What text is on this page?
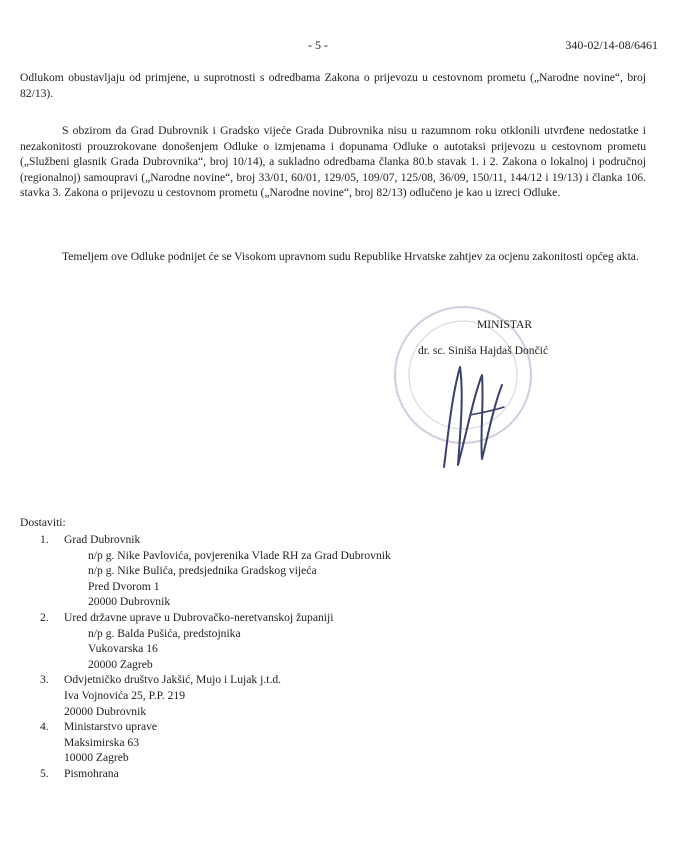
- 5 -	340-02/14-08/6461
Odlukom obustavljaju od primjene, u suprotnosti s odredbama Zakona o prijevozu u cestovnom prometu („Narodne novine“, broj 82/13).
S obzirom da Grad Dubrovnik i Gradsko vijeće Grada Dubrovnika nisu u razumnom roku otklonili utvrđene nedostatke i nezakonitosti prouzrokovane donošenjem Odluke o izmjenama i dopunama Odluke o autotaksi prijevozu u cestovnom prometu („Službeni glasnik Grada Dubrovnika“, broj 10/14), a sukladno odredbama članka 80.b stavak 1. i 2. Zakona o lokalnoj i područnoj (regionalnoj) samoupravi („Narodne novine“, broj 33/01, 60/01, 129/05, 109/07, 125/08, 36/09, 150/11, 144/12 i 19/13) i članka 106. stavka 3. Zakona o prijevozu u cestovnom prometu („Narodne novine“, broj 82/13) odlučeno je kao u izreci Odluke.
Temeljem ove Odluke podnijet će se Visokom upravnom sudu Republike Hrvatske zahtjev za ocjenu zakonitosti općeg akta.
MINISTAR
dr. sc. Siniša Hajdaš Dončić
Dostaviti:
1.	Grad Dubrovnik
n/p g. Nike Pavlovića, povjerenika Vlade RH za Grad Dubrovnik
n/p g. Nike Bulića, predsjednika Gradskog vijeća
Pred Dvorom 1
20000 Dubrovnik
2.	Ured državne uprave u Dubrovačko-neretvanskoj županiji
n/p g. Balda Pušića, predstojnika
Vukovarska 16
20000 Zagreb
3.	Odvjetničko društvo Jakšić, Mujo i Lujak j.t.d.
Iva Vojnovića 25, P.P. 219
20000 Dubrovnik
4.	Ministarstvo uprave
Maksimirska 63
10000 Zagreb
5.	Pismohrana
